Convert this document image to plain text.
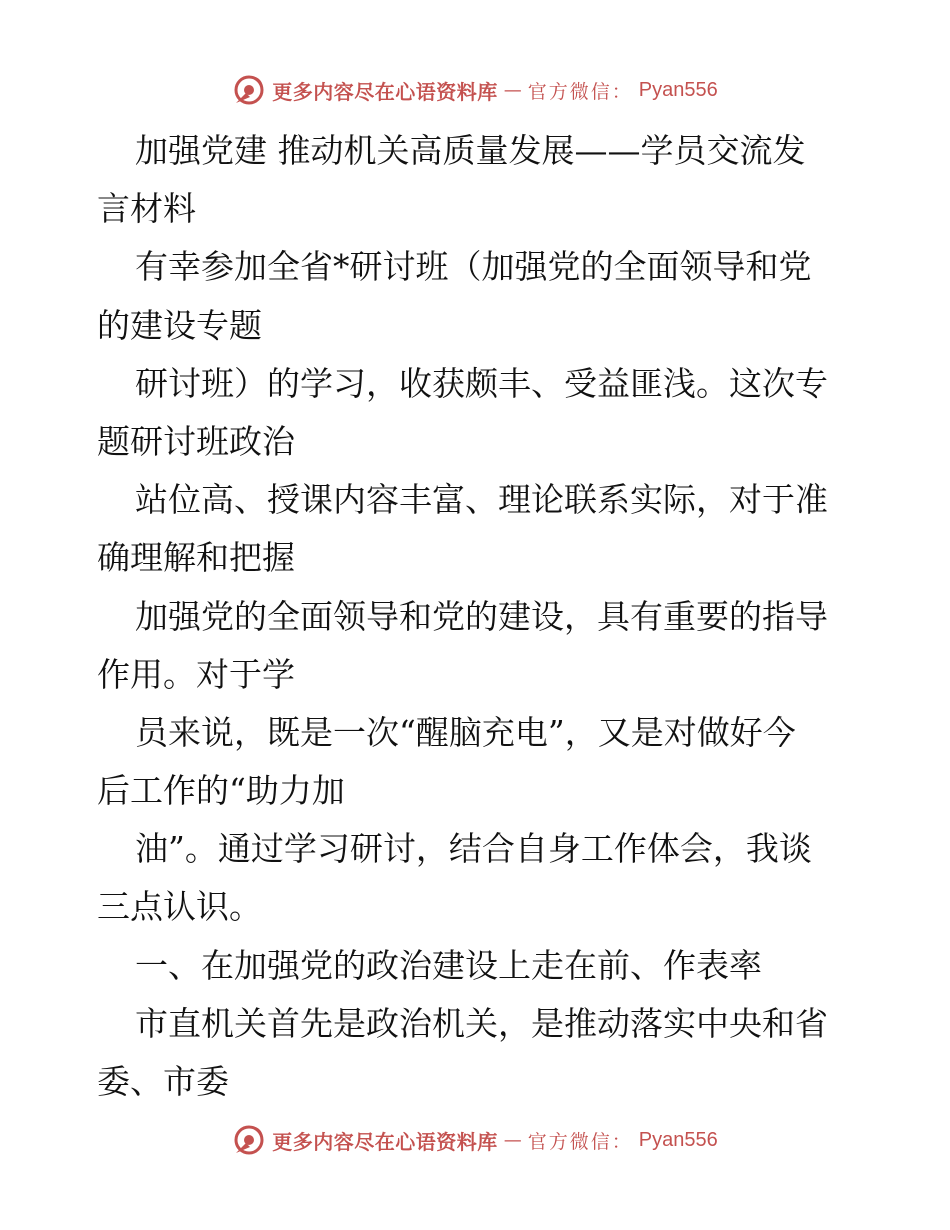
更多内容尽在心语资料库 — 官方微信： Pyan556
加强党建 推动机关高质量发展——学员交流发
言材料
有幸参加全省*研讨班（加强党的全面领导和党
的建设专题
研讨班）的学习，收获颇丰、受益匪浅。这次专
题研讨班政治
站位高、授课内容丰富、理论联系实际，对于准
确理解和把握
加强党的全面领导和党的建设，具有重要的指导
作用。对于学
员来说，既是一次“醒脑充电”，又是对做好今
后工作的“助力加
油”。通过学习研讨，结合自身工作体会，我谈
三点认识。
一、在加强党的政治建设上走在前、作表率
市直机关首先是政治机关，是推动落实中央和省
委、市委
更多内容尽在心语资料库 — 官方微信： Pyan556
